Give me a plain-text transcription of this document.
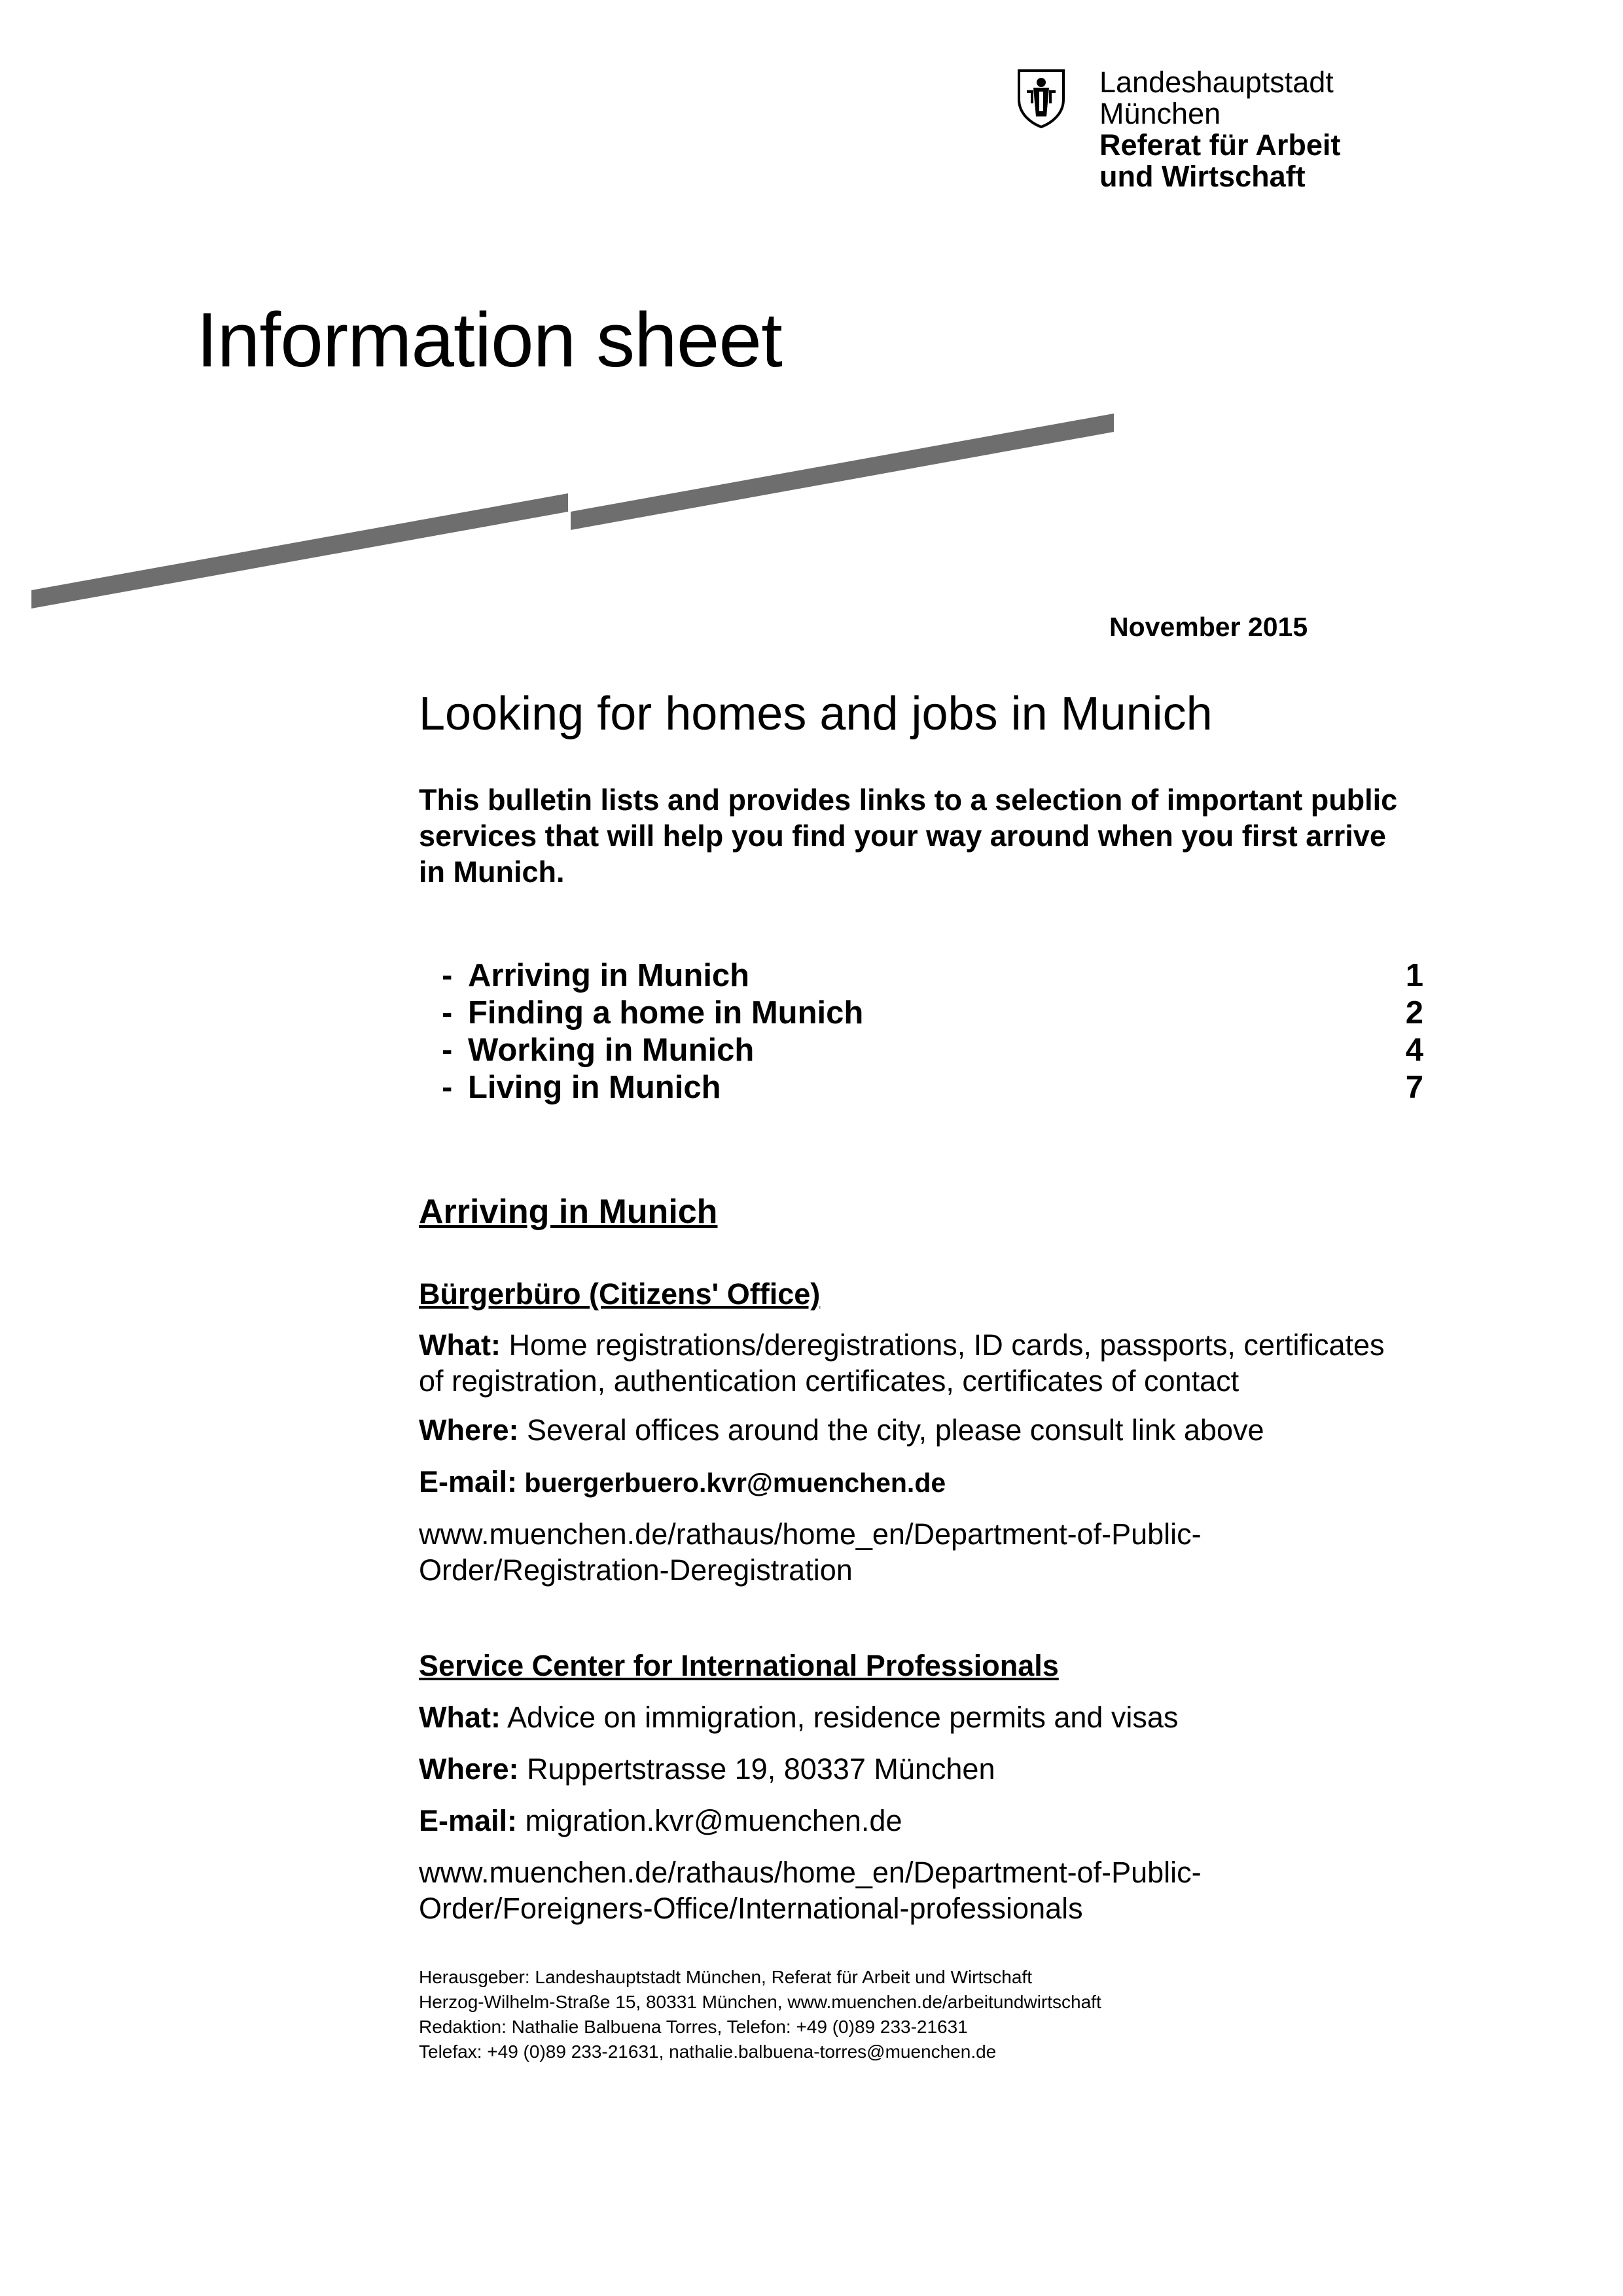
Landeshauptstadt
München
Referat für Arbeit
und Wirtschaft
Information sheet
November 2015
Looking for homes and jobs in Munich
This bulletin lists and provides links to a selection of important public
services that will help you find your way around when you first arrive
in Munich.
- Arriving in Munich	1
- Finding a home in Munich	2
- Working in Munich	4
- Living in Munich	7
Arriving in Munich
Bürgerbüro (Citizens' Office)
What: Home registrations/deregistrations, ID cards, passports, certificates
of registration, authentication certificates, certificates of contact
Where: Several offices around the city, please consult link above
E-mail: buergerbuero.kvr@muenchen.de
www.muenchen.de/rathaus/home_en/Department-of-Public-
Order/Registration-Deregistration
Service Center for International Professionals
What: Advice on immigration, residence permits and visas
Where: Ruppertstrasse 19, 80337 München
E-mail: migration.kvr@muenchen.de
www.muenchen.de/rathaus/home_en/Department-of-Public-
Order/Foreigners-Office/International-professionals
Herausgeber: Landeshauptstadt München, Referat für Arbeit und Wirtschaft
Herzog-Wilhelm-Straße 15, 80331 München, www.muenchen.de/arbeitundwirtschaft
Redaktion: Nathalie Balbuena Torres, Telefon: +49 (0)89 233-21631
Telefax: +49 (0)89 233-21631, nathalie.balbuena-torres@muenchen.de
